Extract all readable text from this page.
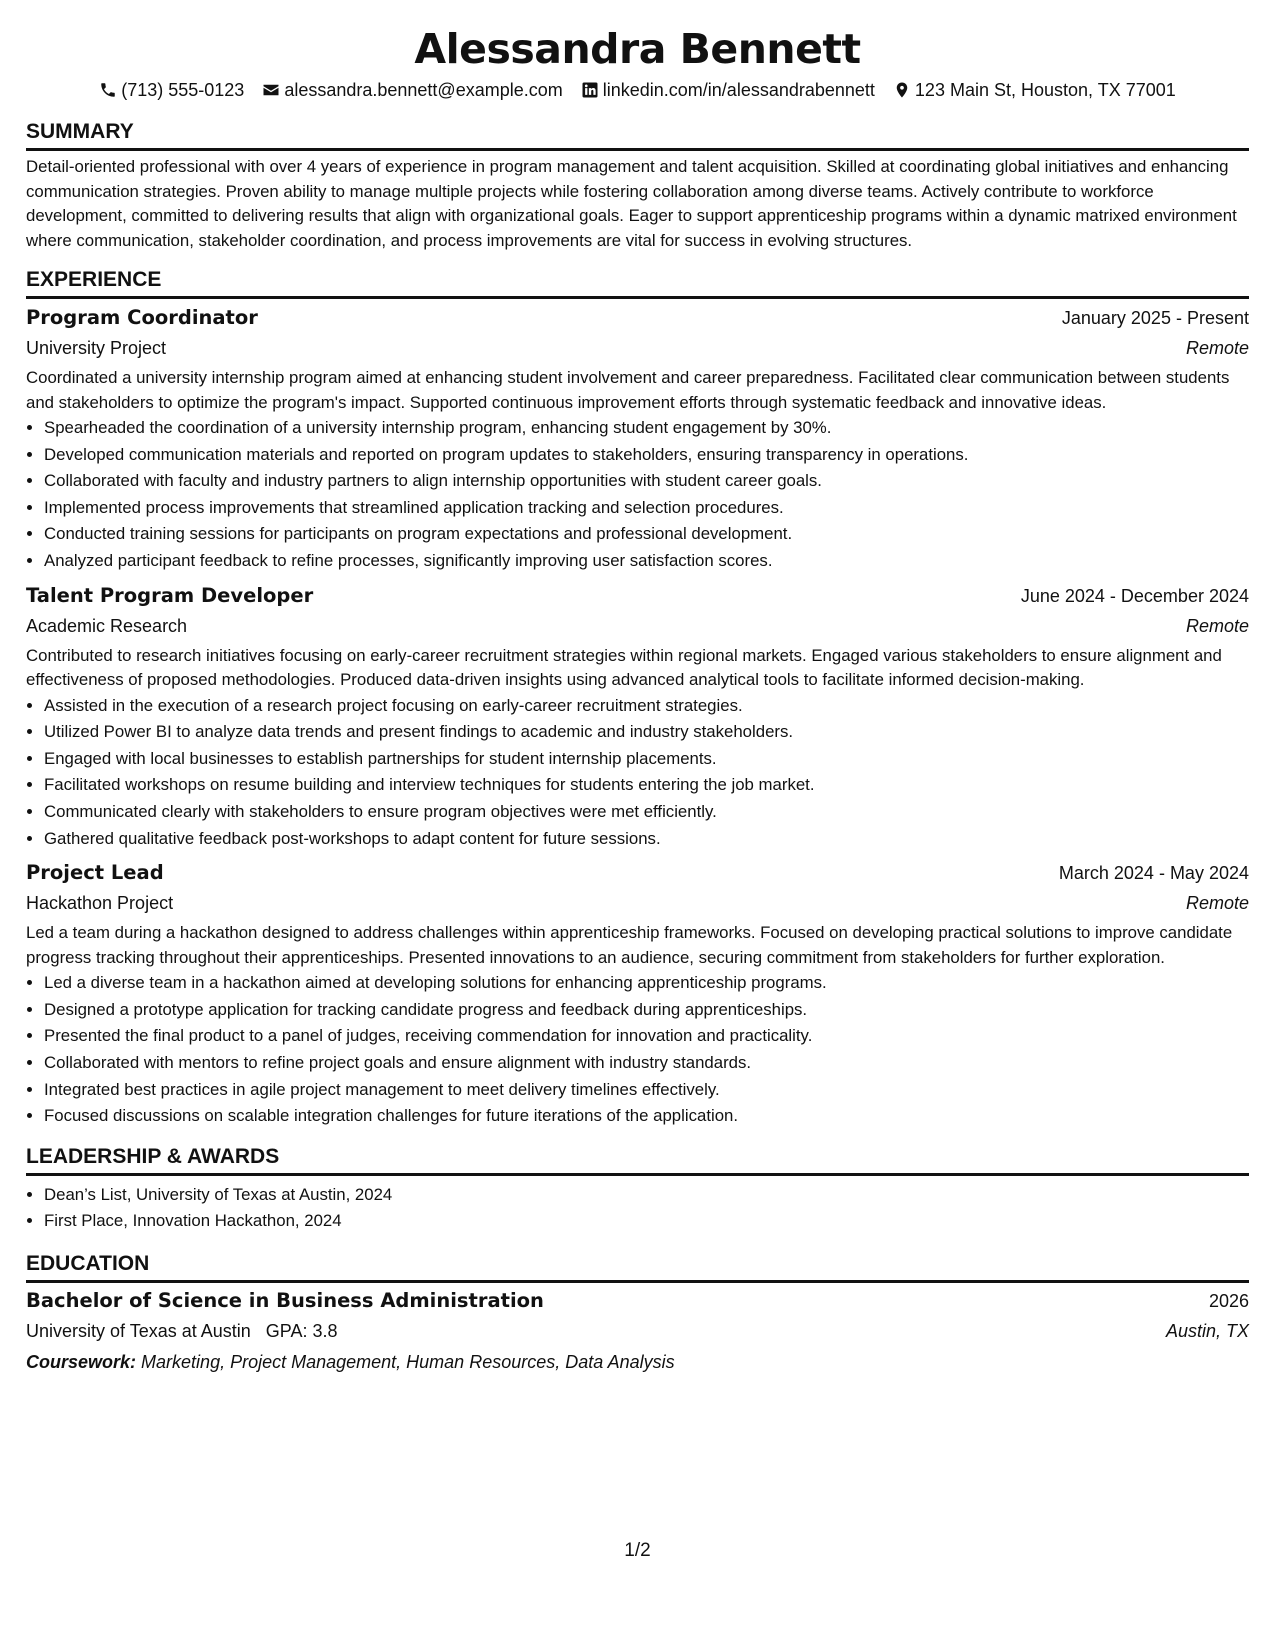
Alessandra Bennett
(713) 555-0123 alessandra.bennett@example.com linkedin.com/in/alessandrabennett 123 Main St, Houston, TX 77001
SUMMARY

Detail-oriented professional with over 4 years of experience in program management and talent acquisition. Skilled at coordinating global initiatives and enhancing communication strategies. Proven ability to manage multiple projects while fostering collaboration among diverse teams. Actively contribute to workforce development, committed to delivering results that align with organizational goals. Eager to support apprenticeship programs within a dynamic matrixed environment where communication, stakeholder coordination, and process improvements are vital for success in evolving structures.

EXPERIENCE
Program Coordinator	January 2025 - Present
University Project	Remote

Coordinated a university internship program aimed at enhancing student involvement and career preparedness. Facilitated clear communication between students and stakeholders to optimize the program's impact. Supported continuous improvement efforts through systematic feedback and innovative ideas.

• Spearheaded the coordination of a university internship program, enhancing student engagement by 30%.
• Developed communication materials and reported on program updates to stakeholders, ensuring transparency in operations.
• Collaborated with faculty and industry partners to align internship opportunities with student career goals.
• Implemented process improvements that streamlined application tracking and selection procedures.
• Conducted training sessions for participants on program expectations and professional development.
• Analyzed participant feedback to refine processes, significantly improving user satisfaction scores.
Talent Program Developer	June 2024 - December 2024
Academic Research	Remote

Contributed to research initiatives focusing on early-career recruitment strategies within regional markets. Engaged various stakeholders to ensure alignment and effectiveness of proposed methodologies. Produced data-driven insights using advanced analytical tools to facilitate informed decision-making.

• Assisted in the execution of a research project focusing on early-career recruitment strategies.
• Utilized Power BI to analyze data trends and present findings to academic and industry stakeholders.
• Engaged with local businesses to establish partnerships for student internship placements.
• Facilitated workshops on resume building and interview techniques for students entering the job market.
• Communicated clearly with stakeholders to ensure program objectives were met efficiently.
• Gathered qualitative feedback post-workshops to adapt content for future sessions.
Project Lead	March 2024 - May 2024
Hackathon Project	Remote

Led a team during a hackathon designed to address challenges within apprenticeship frameworks. Focused on developing practical solutions to improve candidate progress tracking throughout their apprenticeships. Presented innovations to an audience, securing commitment from stakeholders for further exploration.

• Led a diverse team in a hackathon aimed at developing solutions for enhancing apprenticeship programs.
• Designed a prototype application for tracking candidate progress and feedback during apprenticeships.
• Presented the final product to a panel of judges, receiving commendation for innovation and practicality.
• Collaborated with mentors to refine project goals and ensure alignment with industry standards.
• Integrated best practices in agile project management to meet delivery timelines effectively.
• Focused discussions on scalable integration challenges for future iterations of the application.
LEADERSHIP & AWARDS
• Dean’s List, University of Texas at Austin, 2024
• First Place, Innovation Hackathon, 2024
EDUCATION
Bachelor of Science in Business Administration	2026
University of Texas at Austin GPA: 3.8	Austin, TX
Coursework: Marketing, Project Management, Human Resources, Data Analysis
1/2
